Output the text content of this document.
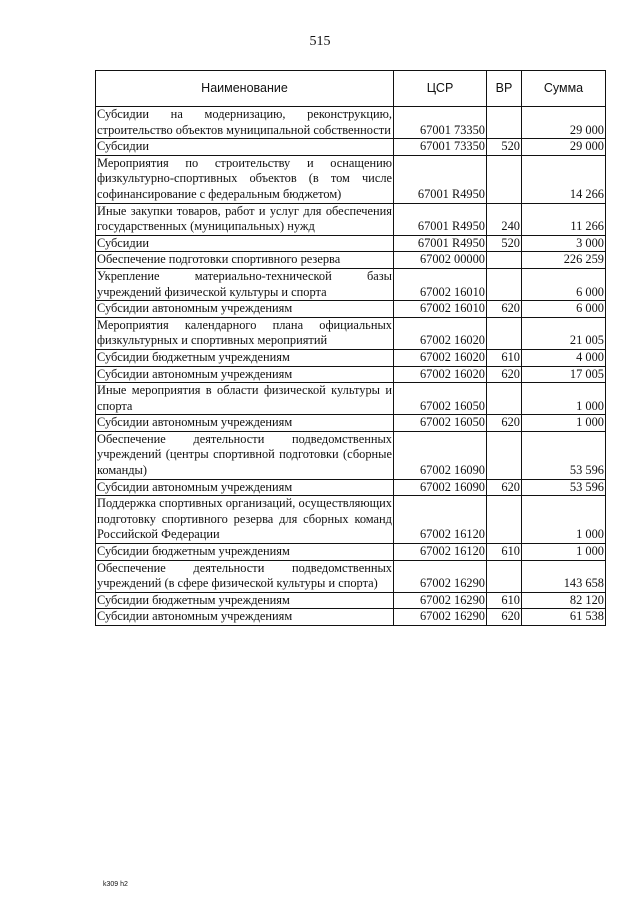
515
Наименование	ЦСР	ВР	Сумма
Субсидии на модернизацию, реконструкцию, строительство объектов муниципальной собственности	67001 73350		29 000
Субсидии	67001 73350	520	29 000
Мероприятия по строительству и оснащению физкультурно-спортивных объектов (в том числе софинансирование с федеральным бюджетом)	67001 R4950		14 266
Иные закупки товаров, работ и услуг для обеспечения государственных (муниципальных) нужд	67001 R4950	240	11 266
Субсидии	67001 R4950	520	3 000
Обеспечение подготовки спортивного резерва	67002 00000		226 259
Укрепление материально-технической базы учреждений физической культуры и спорта	67002 16010		6 000
Субсидии автономным учреждениям	67002 16010	620	6 000
Мероприятия календарного плана официальных физкультурных и спортивных мероприятий	67002 16020		21 005
Субсидии бюджетным учреждениям	67002 16020	610	4 000
Субсидии автономным учреждениям	67002 16020	620	17 005
Иные мероприятия в области физической культуры и спорта	67002 16050		1 000
Субсидии автономным учреждениям	67002 16050	620	1 000
Обеспечение деятельности подведомственных учреждений (центры спортивной подготовки (сборные команды)	67002 16090		53 596
Субсидии автономным учреждениям	67002 16090	620	53 596
Поддержка спортивных организаций, осуществляющих подготовку спортивного резерва для сборных команд Российской Федерации	67002 16120		1 000
Субсидии бюджетным учреждениям	67002 16120	610	1 000
Обеспечение деятельности подведомственных учреждений (в сфере физической культуры и спорта)	67002 16290		143 658
Субсидии бюджетным учреждениям	67002 16290	610	82 120
Субсидии автономным учреждениям	67002 16290	620	61 538
k309 h2
